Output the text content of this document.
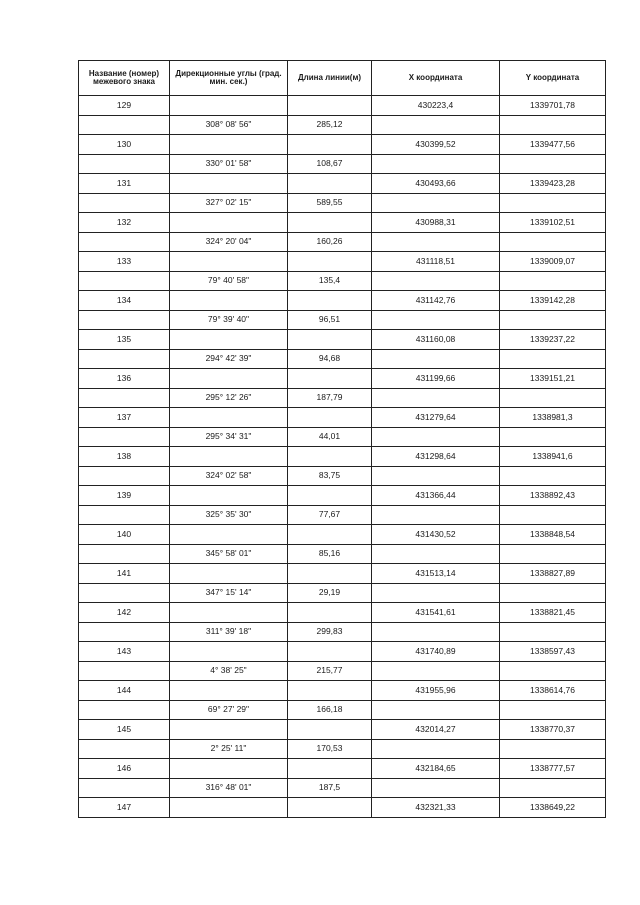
Название (номер) межевого знака	Дирекционные углы (град. мин. сек.)	Длина линии(м)	X координата	Y координата
129			430223,4	1339701,78
	308° 08' 56"	285,12		
130			430399,52	1339477,56
	330° 01' 58"	108,67		
131			430493,66	1339423,28
	327° 02' 15"	589,55		
132			430988,31	1339102,51
	324° 20' 04"	160,26		
133			431118,51	1339009,07
	79° 40' 58"	135,4		
134			431142,76	1339142,28
	79° 39' 40"	96,51		
135			431160,08	1339237,22
	294° 42' 39"	94,68		
136			431199,66	1339151,21
	295° 12' 26"	187,79		
137			431279,64	1338981,3
	295° 34' 31"	44,01		
138			431298,64	1338941,6
	324° 02' 58"	83,75		
139			431366,44	1338892,43
	325° 35' 30"	77,67		
140			431430,52	1338848,54
	345° 58' 01"	85,16		
141			431513,14	1338827,89
	347° 15' 14"	29,19		
142			431541,61	1338821,45
	311° 39' 18"	299,83		
143			431740,89	1338597,43
	4° 38' 25"	215,77		
144			431955,96	1338614,76
	69° 27' 29"	166,18		
145			432014,27	1338770,37
	2° 25' 11"	170,53		
146			432184,65	1338777,57
	316° 48' 01"	187,5		
147			432321,33	1338649,22
